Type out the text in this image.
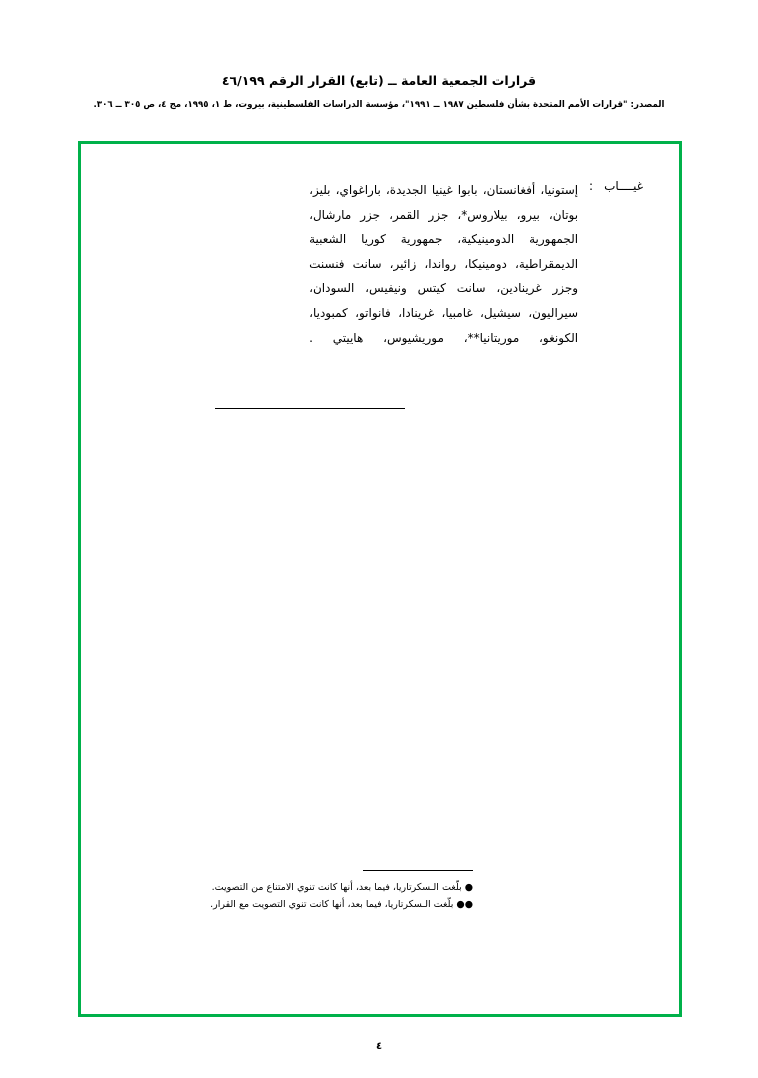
قرارات الجمعية العامة ــ (تابع) القرار الرقم ٤٦/١٩٩
المصدر: "قرارات الأمم المتحدة بشأن فلسطين ١٩٨٧ ــ ١٩٩١"، مؤسسة الدراسات الفلسطينية، بيروت، ط ١، ١٩٩٥، مج ٤، ص ٣٠٥ ــ ٣٠٦.
غيــــاب
:
إستونيا، أفغانستان، بابوا غينيا الجديدة، باراغواي، بليز، بوتان، بيرو، بيلاروس*، جزر القمر، جزر مارشال، الجمهورية الدومينيكية، جمهورية كوريا الشعبية الديمقراطية، دومينيكا، رواندا، زائير، سانت فنسنت وجزر غرينادين، سانت كيتس ونيفيس، السودان، سيراليون، سيشيل، غامبيا، غرينادا، فانواتو، كمبوديا، الكونغو، موريتانيا**، موريشيوس، هاييتي .
● بلّغت الـسكرتاريا، فيما بعد، أنها كانت تنوي الامتناع من التصويت.
●● بلّغت الـسكرتاريا، فيما بعد، أنها كانت تنوي التصويت مع القرار.
٤
